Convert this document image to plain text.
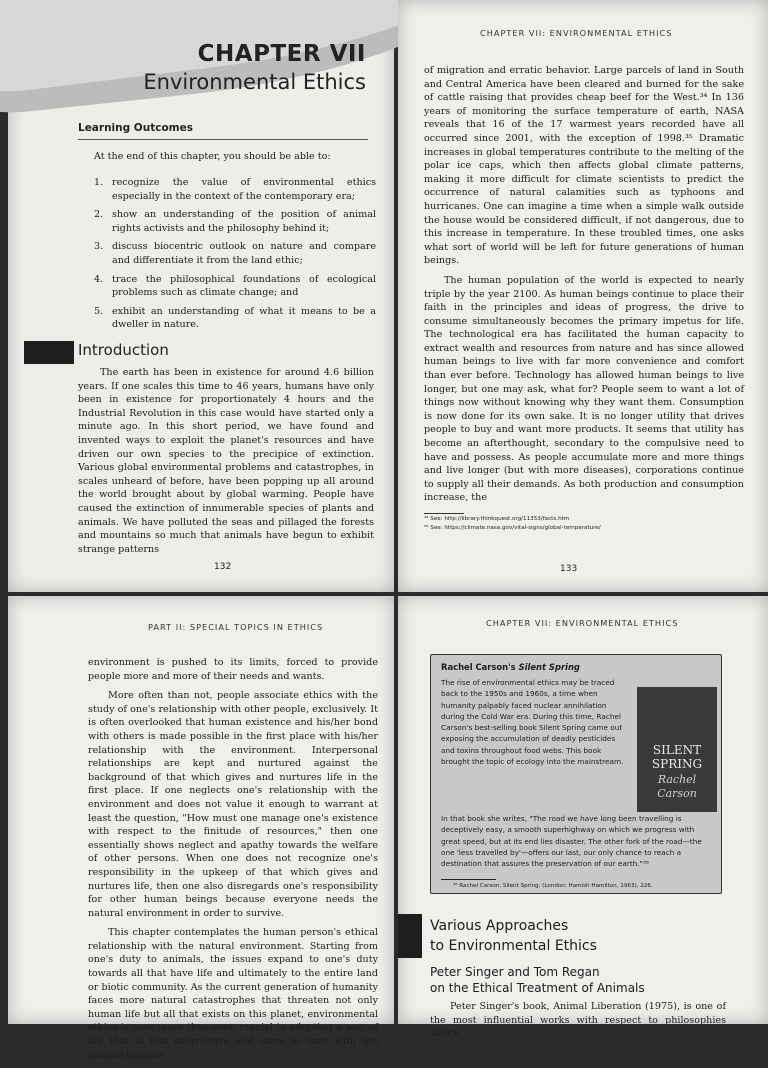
CHAPTER VII
Environmental Ethics
Learning Outcomes
At the end of this chapter, you should be able to:
1. recognize the value of environmental ethics especially in the context of the contemporary era;
2. show an understanding of the position of animal rights activists and the philosophy behind it;
3. discuss biocentric outlook on nature and compare and differentiate it from the land ethic;
4. trace the philosophical foundations of ecological problems such as climate change; and
5. exhibit an understanding of what it means to be a dweller in nature.
Introduction
The earth has been in existence for around 4.6 billion years. If one scales this time to 46 years, humans have only been in existence for proportionately 4 hours and the Industrial Revolution in this case would have started only a minute ago. In this short period, we have found and invented ways to exploit the planet's resources and have driven our own species to the precipice of extinction. Various global environmental problems and catastrophes, in scales unheard of before, have been popping up all around the world brought about by global warming. People have caused the extinction of innumerable species of plants and animals. We have polluted the seas and pillaged the forests and mountains so much that animals have begun to exhibit strange patterns
132
CHAPTER VII: ENVIRONMENTAL ETHICS

of migration and erratic behavior. Large parcels of land in South and Central America have been cleared and burned for the sake of cattle raising that provides cheap beef for the West.³⁴ In 136 years of monitoring the surface temperature of earth, NASA reveals that 16 of the 17 warmest years recorded have all occurred since 2001, with the exception of 1998.³⁵ Dramatic increases in global temperatures contribute to the melting of the polar ice caps, which then affects global climate patterns, making it more difficult for climate scientists to predict the occurrence of natural calamities such as typhoons and hurricanes. One can imagine a time when a simple walk outside the house would be considered difficult, if not dangerous, due to this increase in temperature. In these troubled times, one asks what sort of world will be left for future generations of human beings.

The human population of the world is expected to nearly triple by the year 2100. As human beings continue to place their faith in the principles and ideas of progress, the drive to consume simultaneously becomes the primary impetus for life. The technological era has facilitated the human capacity to extract wealth and resources from nature and has since allowed human beings to live with far more convenience and comfort than ever before. Technology has allowed human beings to live longer, but one may ask, what for? People seem to want a lot of things now without knowing why they want them. Consumption is now done for its own sake. It is no longer utility that drives people to buy and want more products. It seems that utility has become an afterthought, secondary to the compulsive need to have and possess. As people accumulate more and more things and live longer (but with more diseases), corporations continue to supply all their demands. As both production and consumption increase, the

³⁴ See: http://library.thinkquest.org/11353/facts.htm
³⁵ See: https://climate.nasa.gov/vital-signs/global-temperature/
133
PART II: SPECIAL TOPICS IN ETHICS

environment is pushed to its limits, forced to provide people more and more of their needs and wants.

More often than not, people associate ethics with the study of one's relationship with other people, exclusively. It is often overlooked that human existence and his/her bond with others is made possible in the first place with his/her relationship with the environment. Interpersonal relationships are kept and nurtured against the background of that which gives and nurtures life in the first place. If one neglects one's relationship with the environment and does not value it enough to warrant at least the question, "How must one manage one's existence with respect to the finitude of resources," then one essentially shows neglect and apathy towards the welfare of other persons. When one does not recognize one's responsibility in the upkeep of that which gives and nurtures life, then one also disregards one's responsibility for other human beings because everyone needs the natural environment in order to survive.

This chapter contemplates the human person's ethical relationship with the natural environment. Starting from one's duty to animals, the issues expand to one's duty towards all that have life and ultimately to the entire land or biotic community. As the current generation of humanity faces more natural catastrophes that threaten not only human life but all that exists on this planet, environmental ethics is now, more than ever, crucial in adopting a way of life that is less destructive and more in tune with the natural balance

CHAPTER VII: ENVIRONMENTAL ETHICS
Rachel Carson's Silent Spring
The rise of environmental ethics may be traced back to the 1950s and 1960s, a time when humanity palpably faced nuclear annihilation during the Cold War era. During this time, Rachel Carson's best-selling book Silent Spring came out exposing the accumulation of deadly pesticides and toxins throughout food webs. This book brought the topic of ecology into the mainstream.
SILENT SPRING
Rachel Carson
In that book she writes, "The road we have long been travelling is deceptively easy, a smooth superhighway on which we progress with great speed, but at its end lies disaster. The other fork of the road—the one 'less travelled by'—offers our last, our only chance to reach a destination that assures the preservation of our earth."³⁶
³⁶ Rachel Carson, Silent Spring, (London: Hamish Hamilton, 1963), 226.
Various Approaches
to Environmental Ethics
Peter Singer and Tom Regan
on the Ethical Treatment of Animals
Peter Singer's book, Animal Liberation (1975), is one of the most influential works with respect to philosophies which
